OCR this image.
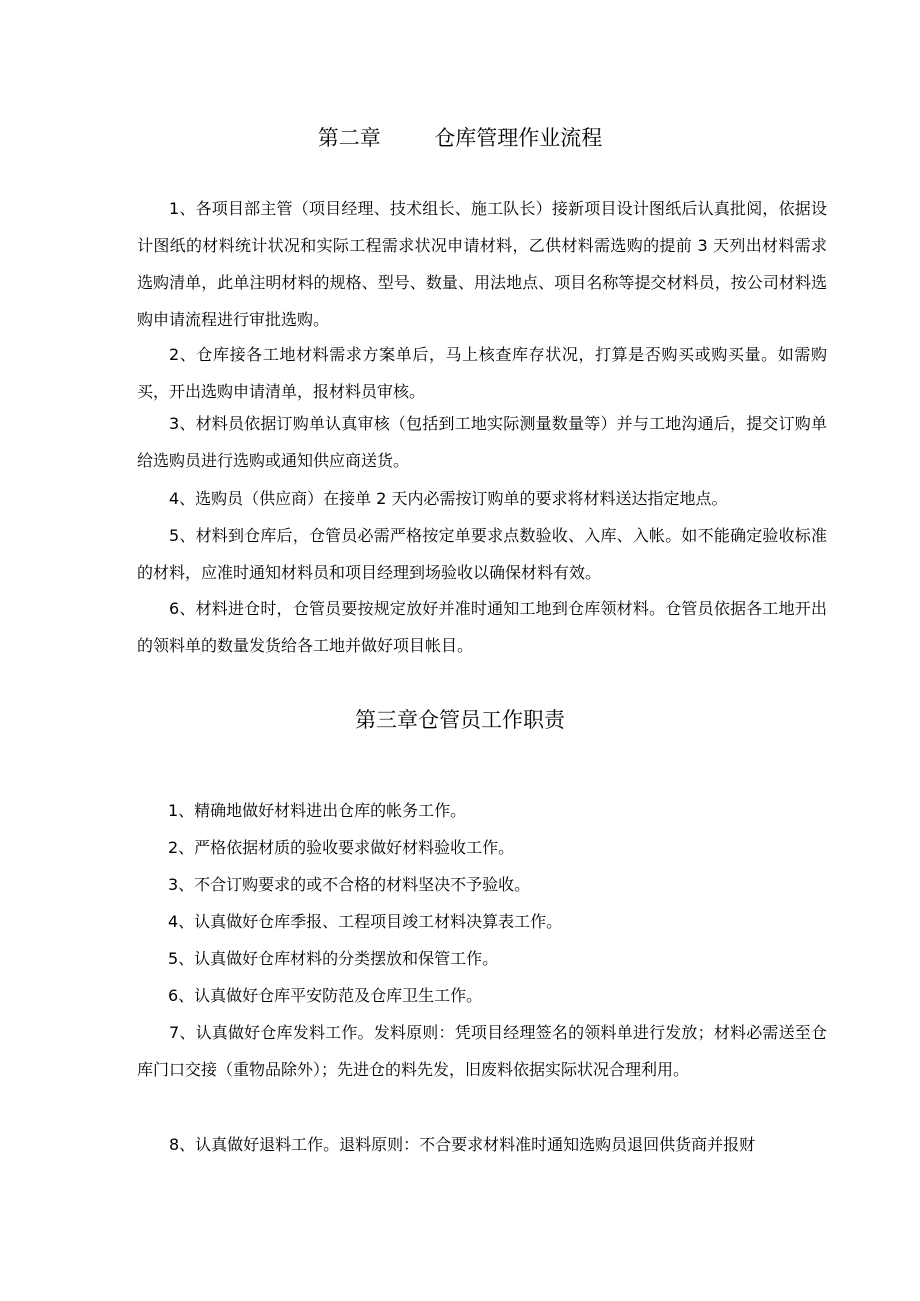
第二章        仓库管理作业流程

1、各项目部主管（项目经理、技术组长、施工队长）接新项目设计图纸后认真批阅，依据设计图纸的材料统计状况和实际工程需求状况申请材料，乙供材料需选购的提前 3 天列出材料需求选购清单，此单注明材料的规格、型号、数量、用法地点、项目名称等提交材料员，按公司材料选购申请流程进行审批选购。

2、仓库接各工地材料需求方案单后，马上核查库存状况，打算是否购买或购买量。如需购买，开出选购申请清单，报材料员审核。

3、材料员依据订购单认真审核（包括到工地实际测量数量等）并与工地沟通后，提交订购单给选购员进行选购或通知供应商送货。

4、选购员（供应商）在接单 2 天内必需按订购单的要求将材料送达指定地点。

5、材料到仓库后，仓管员必需严格按定单要求点数验收、入库、入帐。如不能确定验收标准的材料，应准时通知材料员和项目经理到场验收以确保材料有效。

6、材料进仓时，仓管员要按规定放好并准时通知工地到仓库领材料。仓管员依据各工地开出的领料单的数量发货给各工地并做好项目帐目。

第三章仓管员工作职责

1、精确地做好材料进出仓库的帐务工作。

2、严格依据材质的验收要求做好材料验收工作。

3、不合订购要求的或不合格的材料坚决不予验收。

4、认真做好仓库季报、工程项目竣工材料决算表工作。

5、认真做好仓库材料的分类摆放和保管工作。

6、认真做好仓库平安防范及仓库卫生工作。

7、认真做好仓库发料工作。发料原则：凭项目经理签名的领料单进行发放；材料必需送至仓库门口交接（重物品除外）；先进仓的料先发，旧废料依据实际状况合理利用。

8、认真做好退料工作。退料原则：不合要求材料准时通知选购员退回供货商并报财
